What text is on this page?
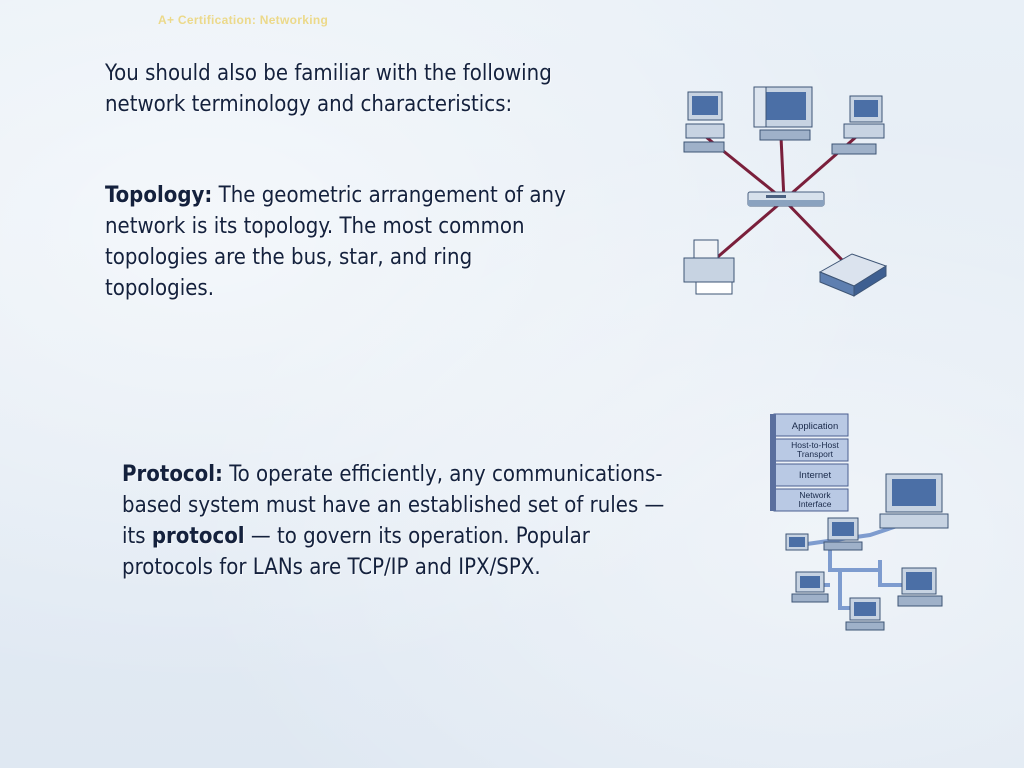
A+ Certification: Networking
You should also be familiar with the following network terminology and characteristics:
Topology: The geometric arrangement of any network is its topology. The most common topologies are the bus, star, and ring topologies.
Protocol: To operate efficiently, any communications-based system must have an established set of rules — its protocol — to govern its operation. Popular protocols for LANs are TCP/IP and IPX/SPX.
Application
Host-to-Host
Transport
Internet
Network
Interface
